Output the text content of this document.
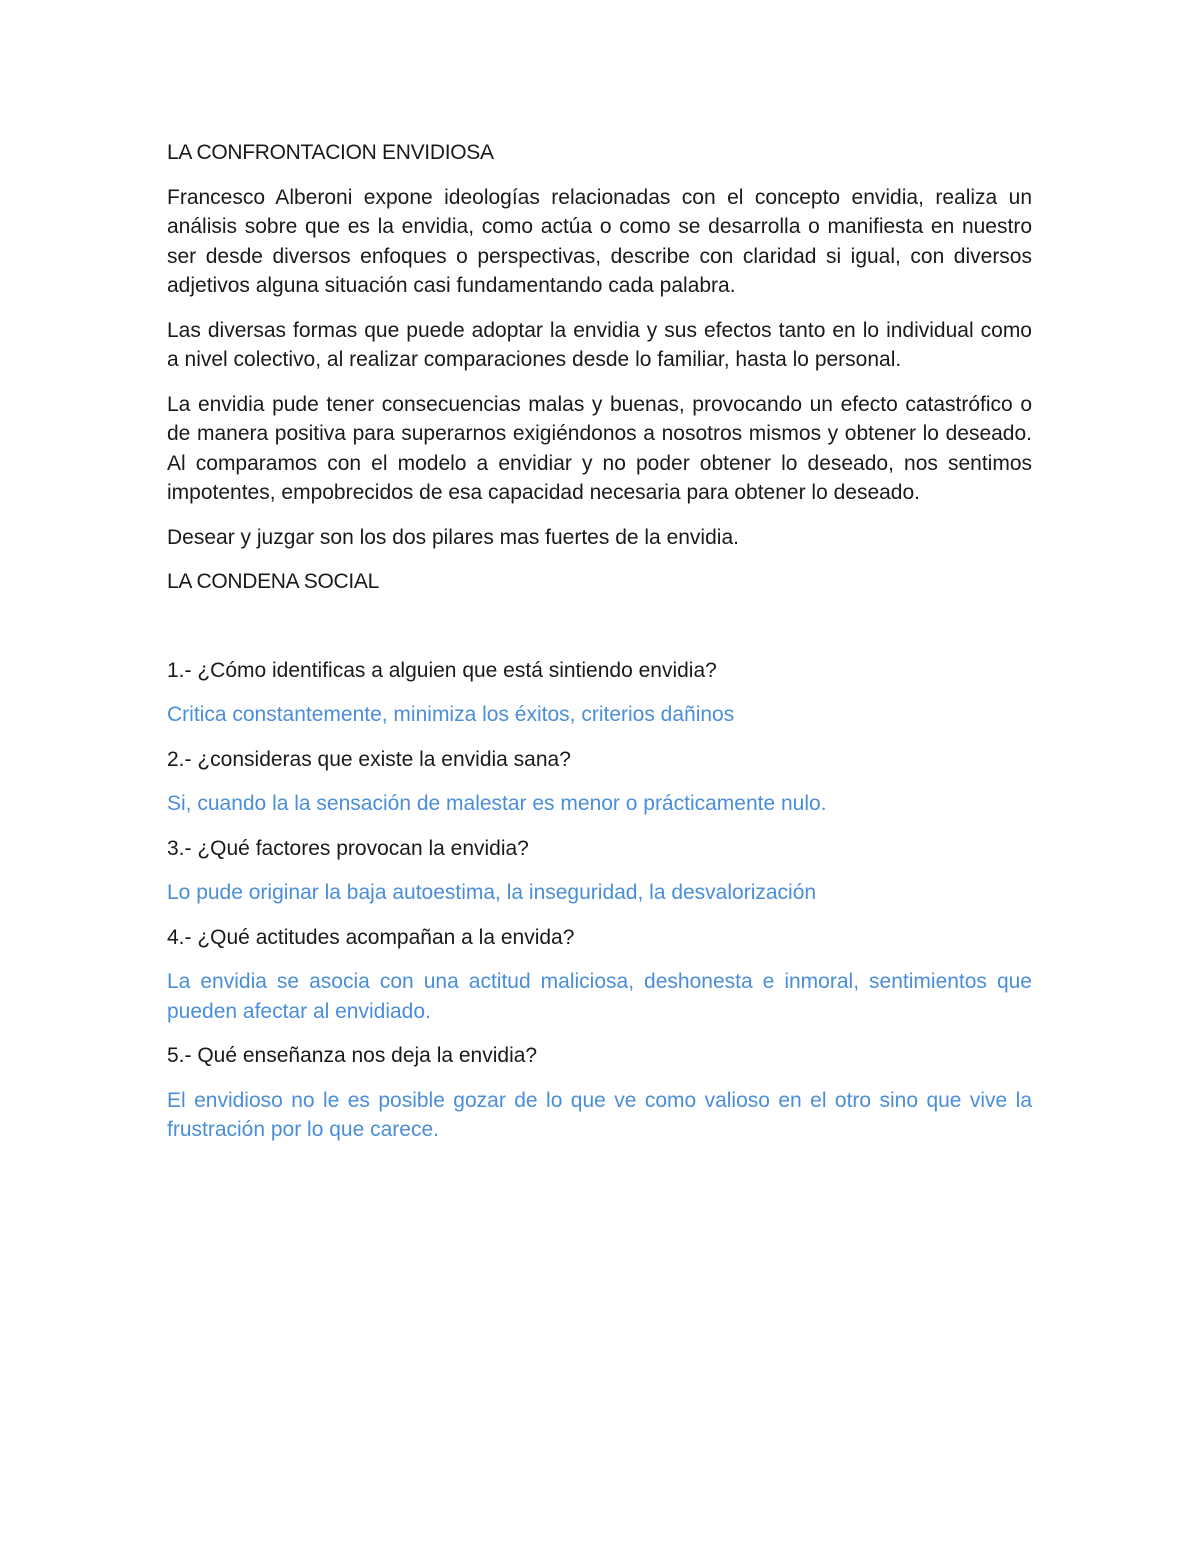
LA CONFRONTACION ENVIDIOSA

Francesco Alberoni expone ideologías relacionadas con el concepto envidia, realiza un análisis sobre que es la envidia, como actúa o como se desarrolla o manifiesta en nuestro ser desde diversos enfoques o perspectivas, describe con claridad si igual, con diversos adjetivos alguna situación casi fundamentando cada palabra.

Las diversas formas que puede adoptar la envidia y sus efectos tanto en lo individual como a nivel colectivo, al realizar comparaciones desde lo familiar, hasta lo personal.

La envidia pude tener consecuencias malas y buenas, provocando un efecto catastrófico o de manera positiva para superarnos exigiéndonos a nosotros mismos y obtener lo deseado. Al comparamos con el modelo a envidiar y no poder obtener lo deseado, nos sentimos impotentes, empobrecidos de esa capacidad necesaria para obtener lo deseado.

Desear y juzgar son los dos pilares mas fuertes de la envidia.

LA CONDENA SOCIAL

1.- ¿Cómo identificas a alguien que está sintiendo envidia?

Critica constantemente, minimiza los éxitos, criterios dañinos

2.- ¿consideras que existe la envidia sana?

Si, cuando la la sensación de malestar es menor o prácticamente nulo.

3.- ¿Qué factores provocan la envidia?

Lo pude originar la baja autoestima, la inseguridad, la desvalorización

4.- ¿Qué actitudes acompañan a la envida?

La envidia se asocia con una actitud maliciosa, deshonesta e inmoral, sentimientos que pueden afectar al envidiado.

5.- Qué enseñanza nos deja la envidia?

El envidioso no le es posible gozar de lo que ve como valioso en el otro sino que vive la frustración por lo que carece.
